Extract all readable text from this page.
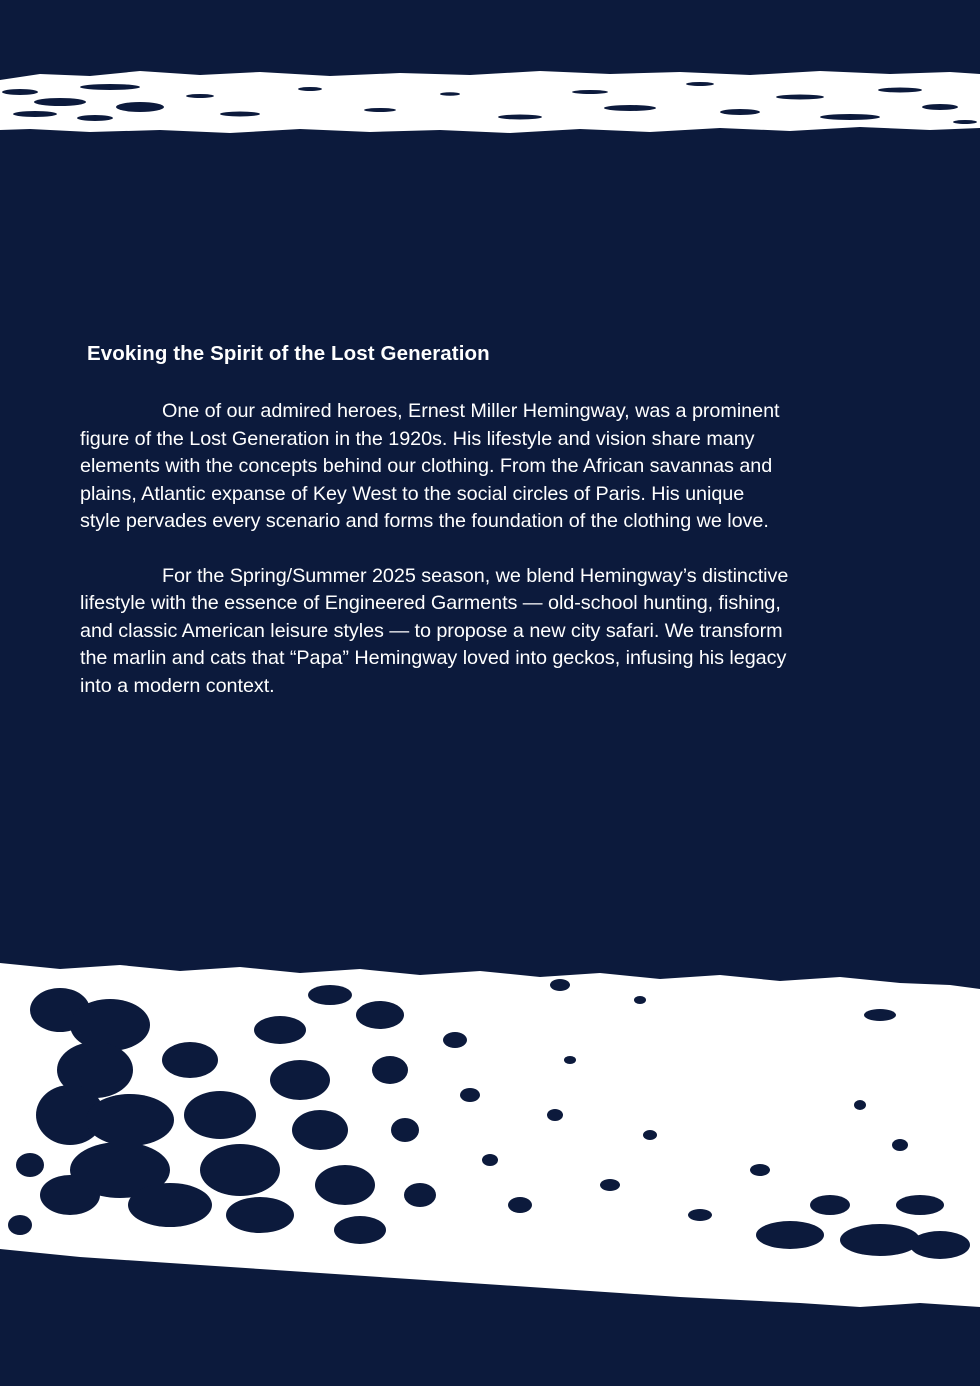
Evoking the Spirit of the Lost Generation

One of our admired heroes, Ernest Miller Hemingway, was a prominent
figure of the Lost Generation in the 1920s. His lifestyle and vision share many
elements with the concepts behind our clothing. From the African savannas and
plains, Atlantic expanse of Key West to the social circles of Paris. His unique
style pervades every scenario and forms the foundation of the clothing we love.

For the Spring/Summer 2025 season, we blend Hemingway’s distinctive
lifestyle with the essence of Engineered Garments — old-school hunting, fishing,
and classic American leisure styles — to propose a new city safari. We transform
the marlin and cats that “Papa” Hemingway loved into geckos, infusing his legacy
into a modern context.
